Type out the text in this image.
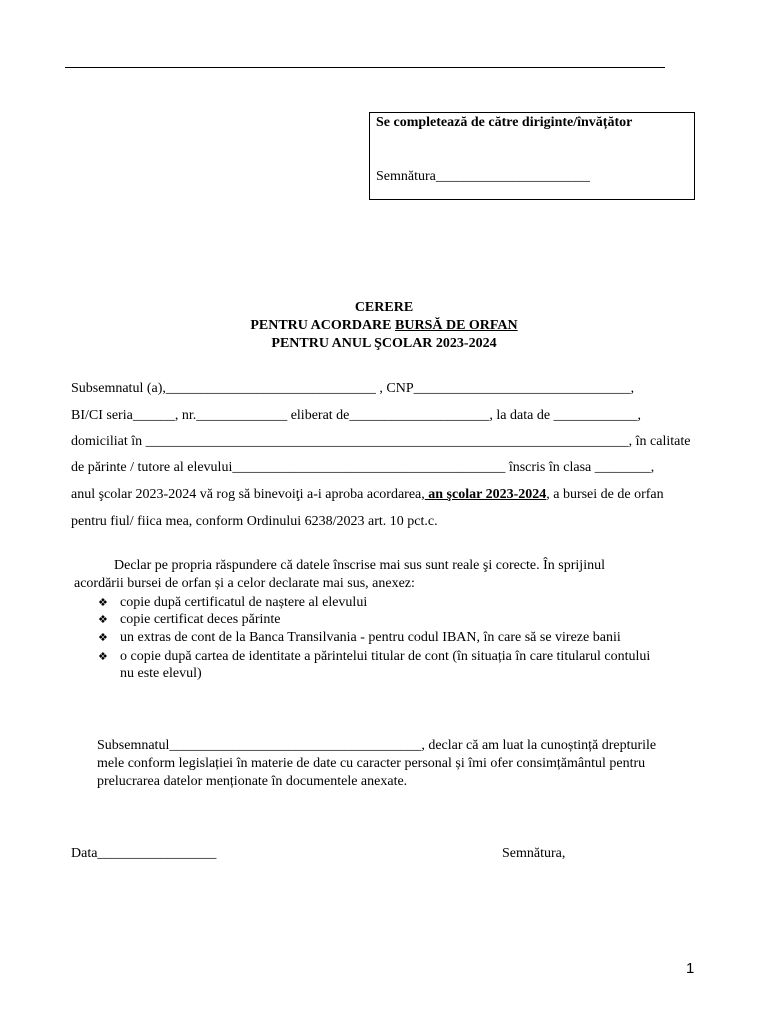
Se completează de către diriginte/învățător
Semnătura______________________
CERERE
PENTRU ACORDARE BURSĂ DE ORFAN
PENTRU ANUL ŞCOLAR 2023-2024
Subsemnatul (a),______________________________ , CNP_______________________________,
BI/CI seria______, nr._____________ eliberat de____________________, la data de ____________,
domiciliat în _____________________________________________________________________, în calitate
de părinte / tutore al elevului_______________________________________ înscris în clasa ________,
anul şcolar 2023-2024 vă rog să binevoiţi a-i aproba acordarea, an şcolar 2023-2024, a bursei de de orfan
pentru fiul/ fiica mea, conform Ordinului 6238/2023 art. 10 pct.c.
Declar pe propria răspundere că datele înscrise mai sus sunt reale şi corecte. În sprijinul
acordării bursei de orfan și a celor declarate mai sus, anexez:
❖ copie după certificatul de naștere al elevului
❖ copie certificat deces părinte
❖ un extras de cont de la Banca Transilvania - pentru codul IBAN, în care să se vireze banii
❖ o copie după cartea de identitate a părintelui titular de cont (în situația în care titularul contului
nu este elevul)
Subsemnatul____________________________________, declar că am luat la cunoștință drepturile
mele conform legislației în materie de date cu caracter personal și îmi ofer consimțământul pentru
prelucrarea datelor menționate în documentele anexate.
Data_________________	Semnătura,
1
